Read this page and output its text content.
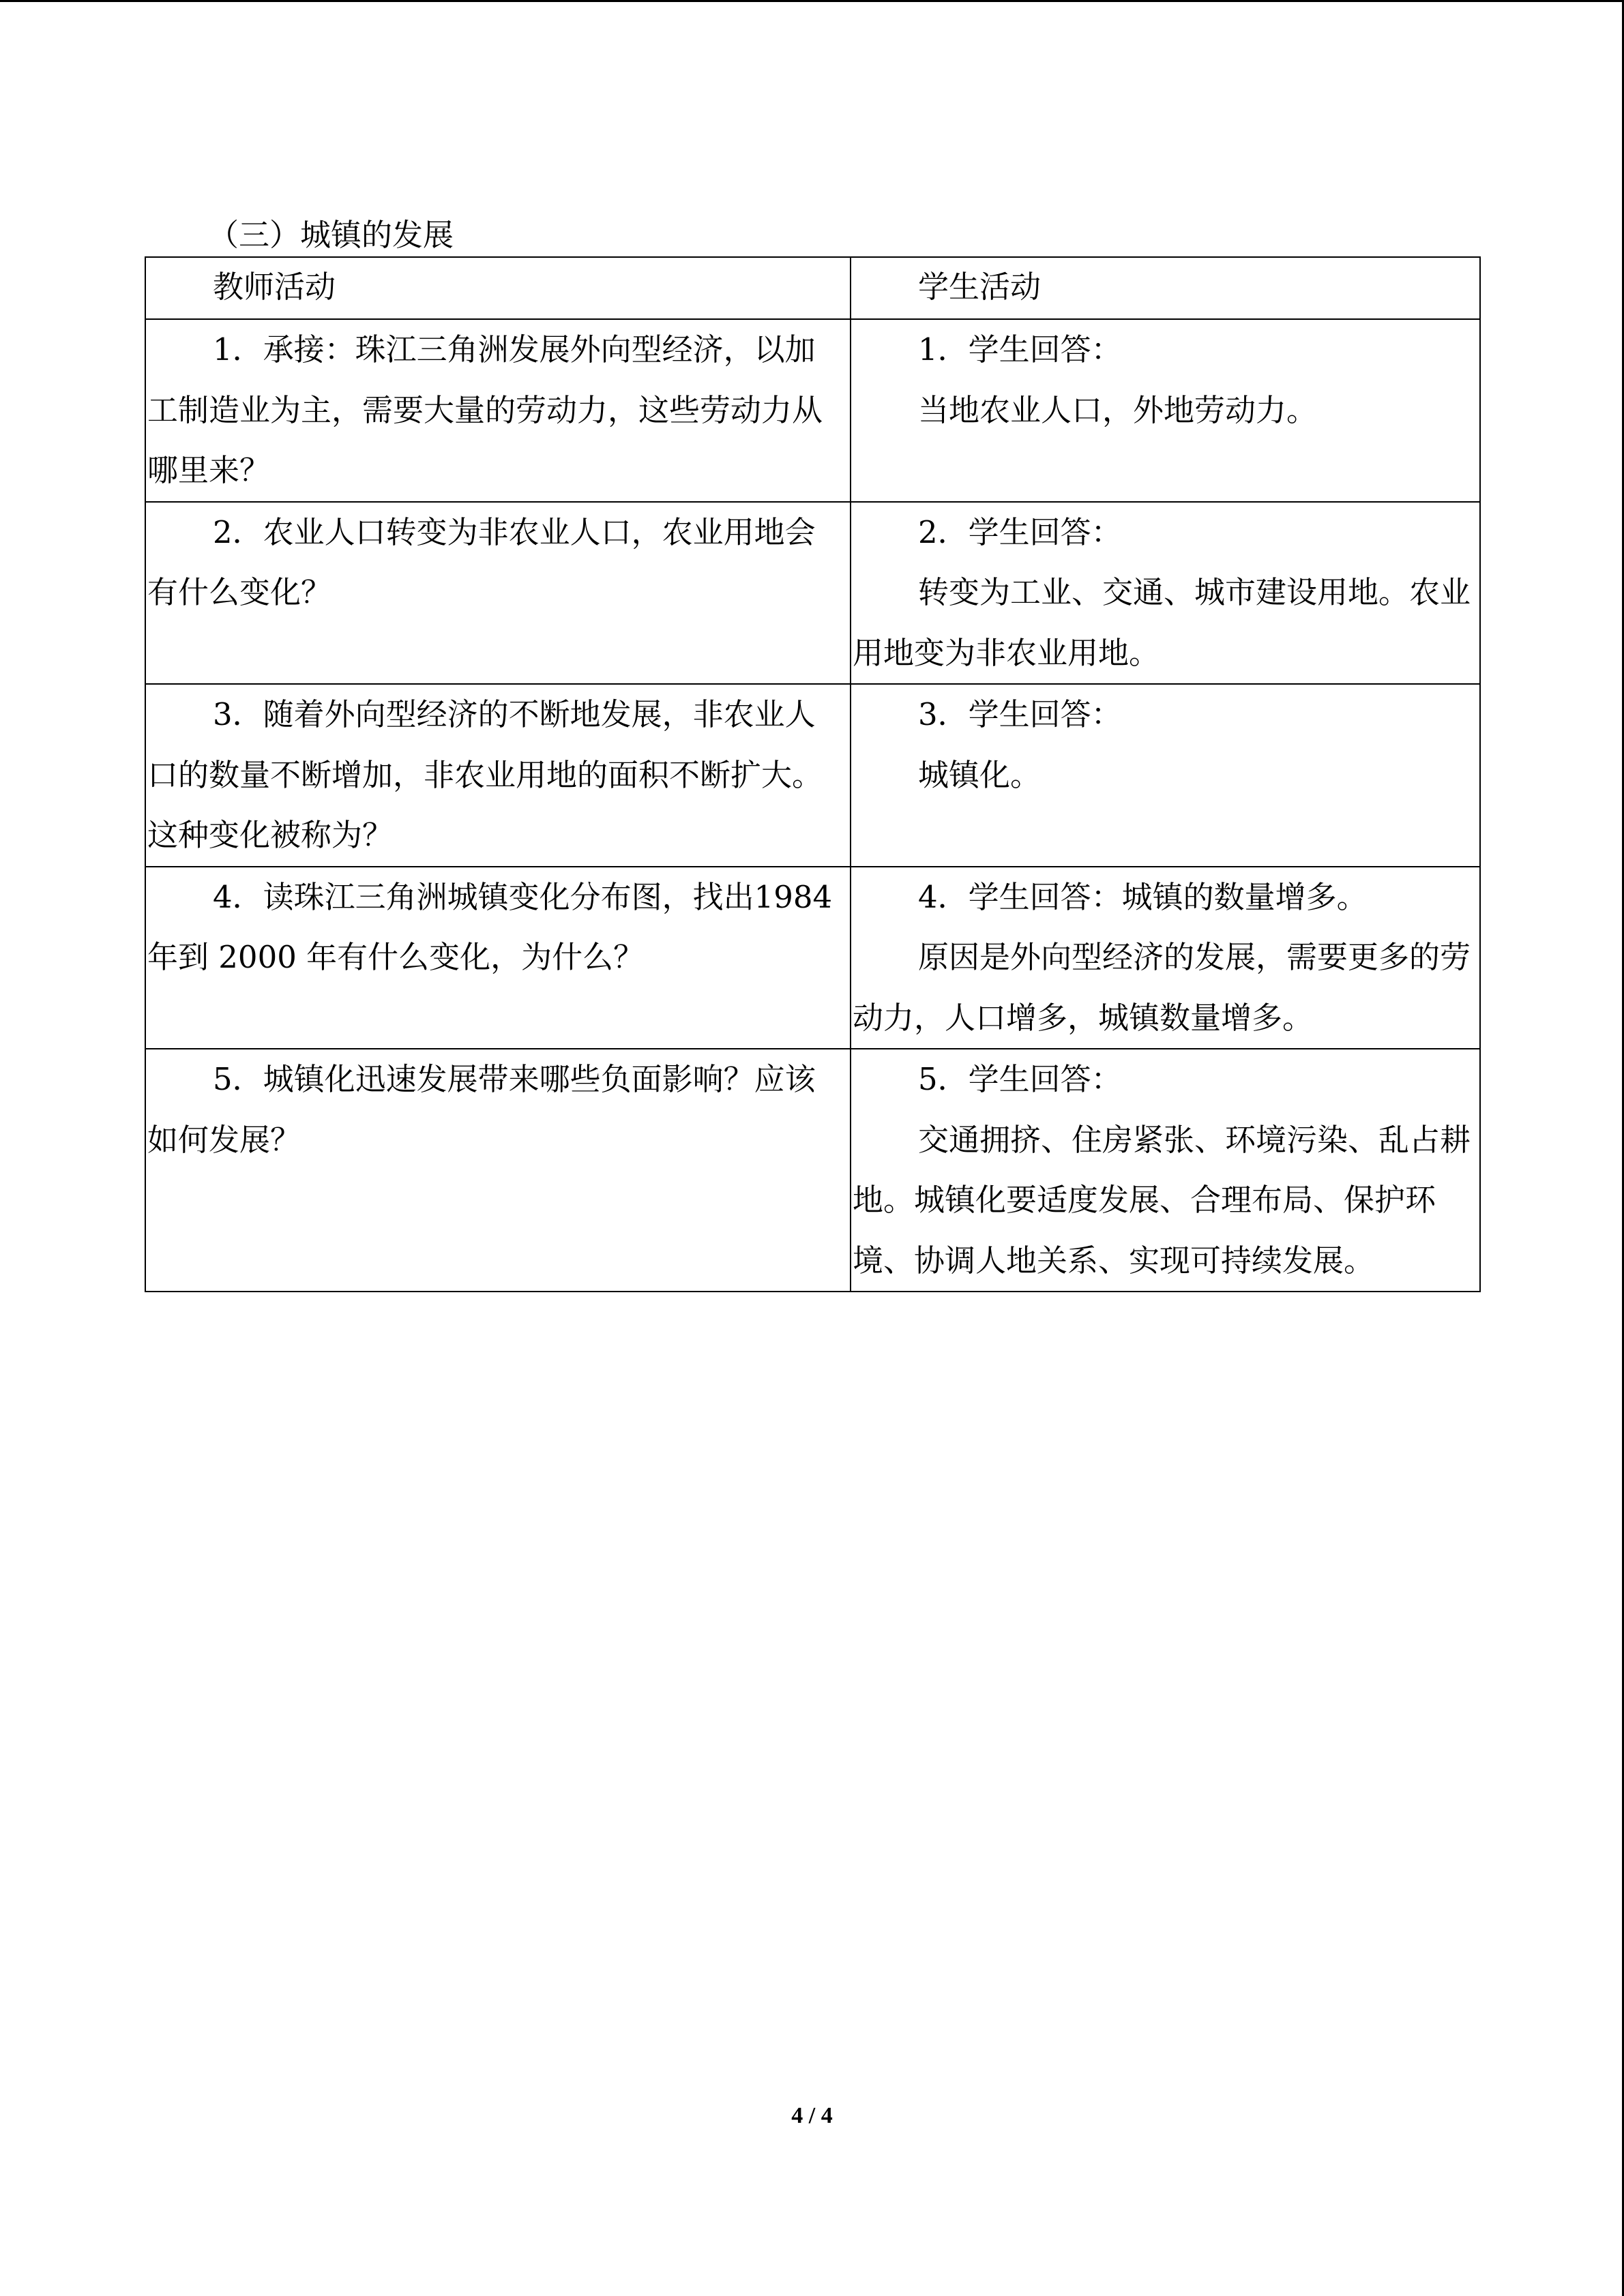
（三）城镇的发展
教师活动	学生活动

1．承接：珠江三角洲发展外向型经济，以加工制造业为主，需要大量的劳动力，这些劳动力从哪里来？	1．学生回答：
当地农业人口，外地劳动力。

2．农业人口转变为非农业人口，农业用地会有什么变化？	2．学生回答：
转变为工业、交通、城市建设用地。农业用地变为非农业用地。

3．随着外向型经济的不断地发展，非农业人口的数量不断增加，非农业用地的面积不断扩大。这种变化被称为？	3．学生回答：
城镇化。

4．读珠江三角洲城镇变化分布图，找出1984 年到 2000 年有什么变化，为什么？	4．学生回答：城镇的数量增多。
原因是外向型经济的发展，需要更多的劳动力，人口增多，城镇数量增多。

5．城镇化迅速发展带来哪些负面影响？应该如何发展？	5．学生回答：
交通拥挤、住房紧张、环境污染、乱占耕地。城镇化要适度发展、合理布局、保护环境、协调人地关系、实现可持续发展。
4 / 4
